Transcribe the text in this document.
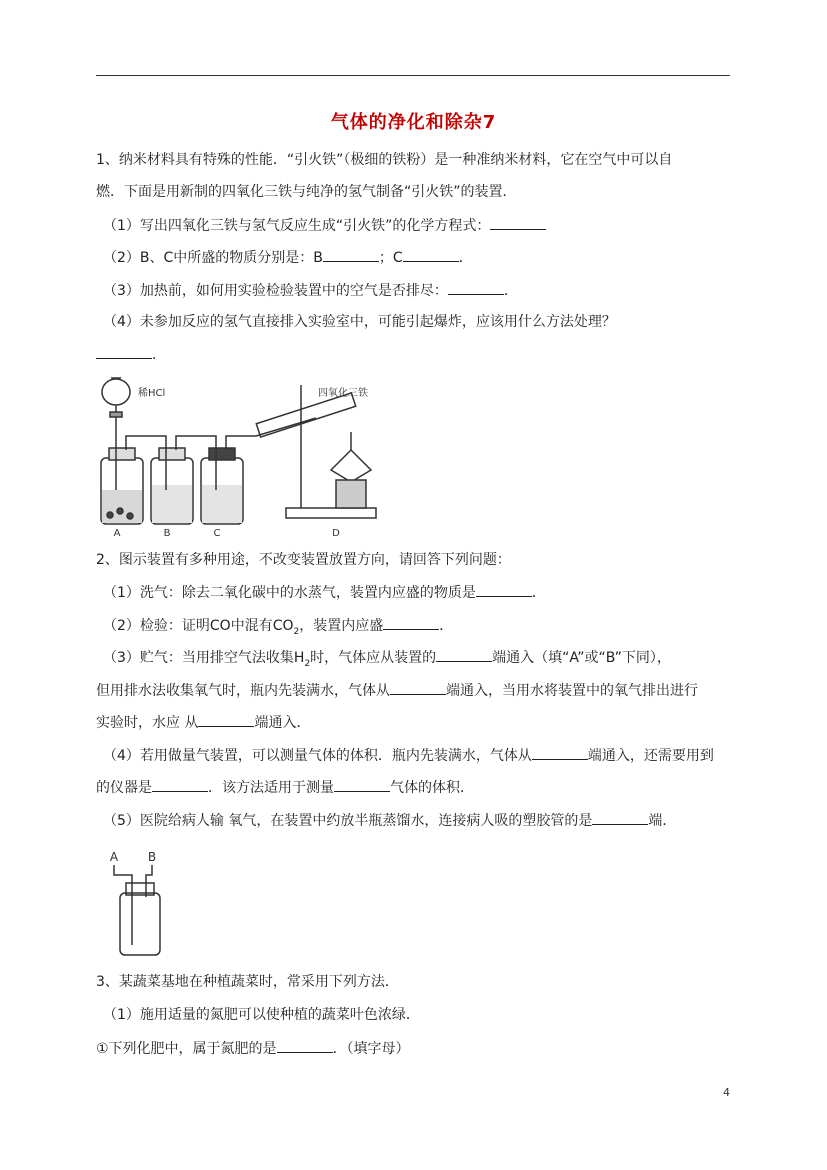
气体的净化和除杂7
1、纳米材料具有特殊的性能．“引火铁”（极细的铁粉）是一种准纳米材料，它在空气中可以自
燃．下面是用新制的四氧化三铁与纯净的氢气制备“引火铁”的装置．
（1）写出四氧化三铁与氢气反应生成“引火铁”的化学方程式：
（2）B、C中所盛的物质分别是：B	；C	．
（3）加热前，如何用实验检验装置中的空气是否排尽：	．
（4）未参加反应的氢气直接排入实验室中，可能引起爆炸，应该用什么方法处理？
．
稀HCl	四氧化三铁
A	B	C	D
2、图示装置有多种用途，不改变装置放置方向，请回答下列问题：
（1）洗气：除去二氧化碳中的水蒸气，装置内应盛的物质是	．
（2）检验：证明CO中混有$CO_2$，装置内应盛	．
（3）贮气：当用排空气法收集$H_2$时，气体应从装置的	端通入（填“A”或“B”下同），
但用排水法收集氧气时，瓶内先装满水，气体从	端通入，当用水将装置中的氧气排出进行
实验时，水应 从	端通入．
（4）若用做量气装置，可以测量气体的体积．瓶内先装满水，气体从	端通入，还需要用到
的仪器是	．该方法适用于测量	气体的体积．
（5）医院给病人输 氧气，在装置中约放半瓶蒸馏水，连接病人吸的塑胶管的是	端．
A B
3、某蔬菜基地在种植蔬菜时，常采用下列方法．
（1）施用适量的氮肥可以使种植的蔬菜叶色浓绿．
①下列化肥中，属于氮肥的是	．（填字母）
4
